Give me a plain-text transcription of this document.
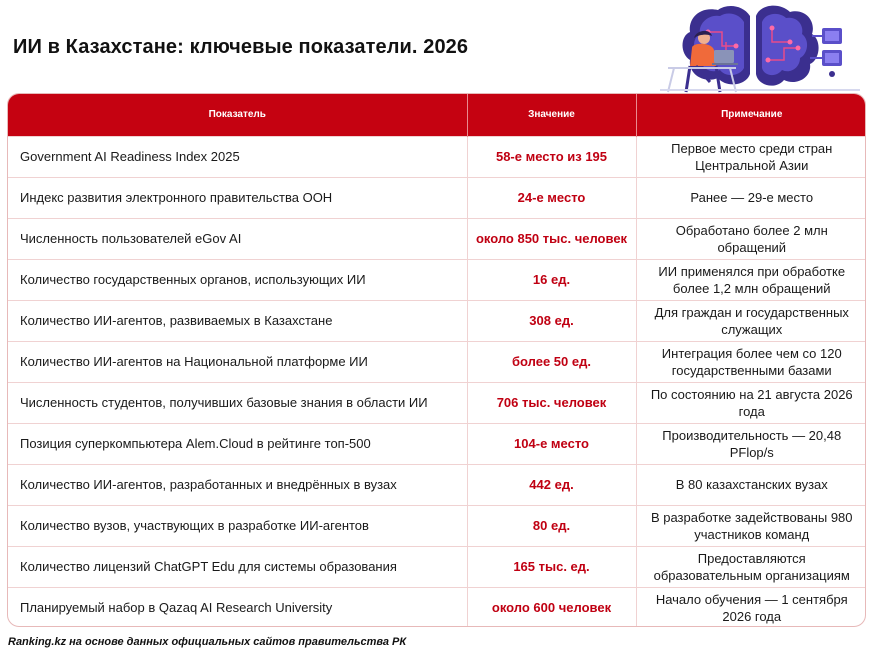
ИИ в Казахстане: ключевые показатели. 2026
Показатель	Значение	Примечание
Government AI Readiness Index 2025	58-е место из 195	Первое место среди стран Центральной Азии
Индекс развития электронного правительства ООН	24-е место	Ранее — 29-е место
Численность пользователей eGov AI	около 850 тыс. человек	Обработано более 2 млн обращений
Количество государственных органов, использующих ИИ	16 ед.	ИИ применялся при обработке более 1,2 млн обращений
Количество ИИ-агентов, развиваемых в Казахстане	308 ед.	Для граждан и государственных служащих
Количество ИИ-агентов на Национальной платформе ИИ	более 50 ед.	Интеграция более чем со 120 государственными базами
Численность студентов, получивших базовые знания в области ИИ	706 тыс. человек	По состоянию на 21 августа 2026 года
Позиция суперкомпьютера Alem.Cloud в рейтинге топ-500	104-е место	Производительность — 20,48 PFlop/s
Количество ИИ-агентов, разработанных и внедрённых в вузах	442 ед.	В 80 казахстанских вузах
Количество вузов, участвующих в разработке ИИ-агентов	80 ед.	В разработке задействованы 980 участников команд
Количество лицензий ChatGPT Edu для системы образования	165 тыс. ед.	Предоставляются образовательным организациям
Планируемый набор в Qazaq AI Research University	около 600 человек	Начало обучения — 1 сентября 2026 года
Ranking.kz на основе данных официальных сайтов правительства РК
